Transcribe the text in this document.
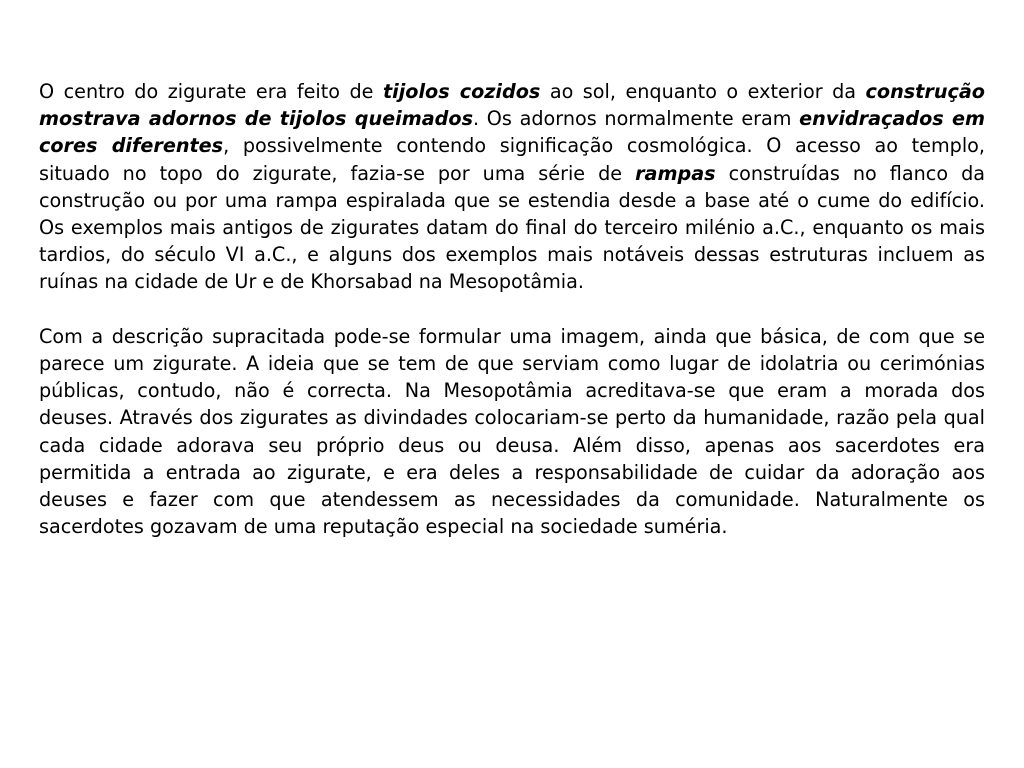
O centro do zigurate era feito de tijolos cozidos ao sol, enquanto o exterior da construção mostrava adornos de tijolos queimados. Os adornos normalmente eram envidraçados em cores diferentes, possivelmente contendo significação cosmológica. O acesso ao templo, situado no topo do zigurate, fazia-se por uma série de rampas construídas no flanco da construção ou por uma rampa espiralada que se estendia desde a base até o cume do edifício. Os exemplos mais antigos de zigurates datam do final do terceiro milénio a.C., enquanto os mais tardios, do século VI a.C., e alguns dos exemplos mais notáveis dessas estruturas incluem as ruínas na cidade de Ur e de Khorsabad na Mesopotâmia.

Com a descrição supracitada pode-se formular uma imagem, ainda que básica, de com que se parece um zigurate. A ideia que se tem de que serviam como lugar de idolatria ou cerimónias públicas, contudo, não é correcta. Na Mesopotâmia acreditava-se que eram a morada dos deuses. Através dos zigurates as divindades colocariam-se perto da humanidade, razão pela qual cada cidade adorava seu próprio deus ou deusa. Além disso, apenas aos sacerdotes era permitida a entrada ao zigurate, e era deles a responsabilidade de cuidar da adoração aos deuses e fazer com que atendessem as necessidades da comunidade. Naturalmente os sacerdotes gozavam de uma reputação especial na sociedade suméria.
